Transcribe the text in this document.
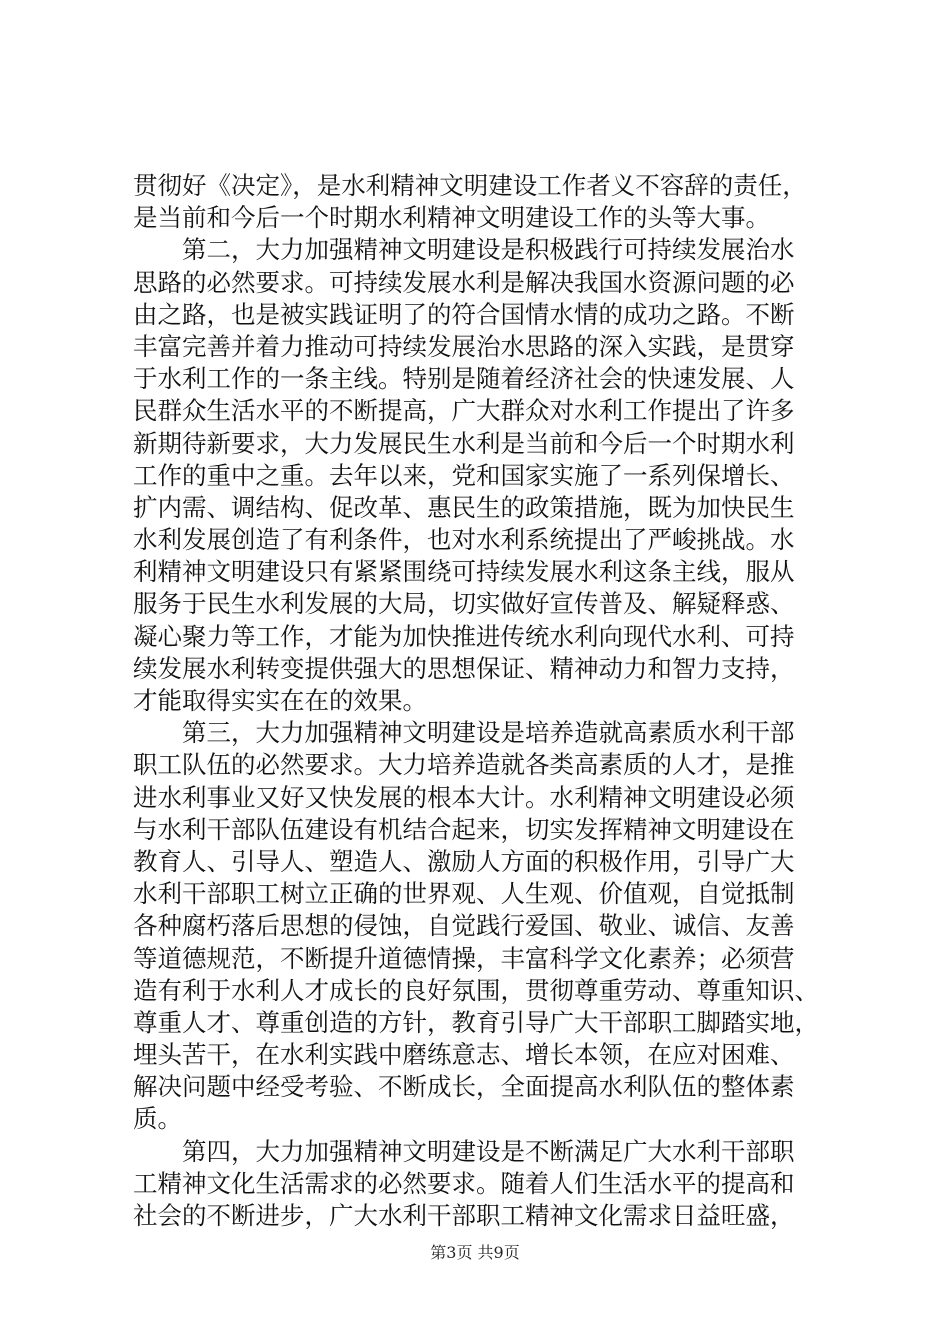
贯彻好《决定》，是水利精神文明建设工作者义不容辞的责任，
是当前和今后一个时期水利精神文明建设工作的头等大事。
　　第二，大力加强精神文明建设是积极践行可持续发展治水
思路的必然要求。可持续发展水利是解决我国水资源问题的必
由之路，也是被实践证明了的符合国情水情的成功之路。不断
丰富完善并着力推动可持续发展治水思路的深入实践，是贯穿
于水利工作的一条主线。特别是随着经济社会的快速发展、人
民群众生活水平的不断提高，广大群众对水利工作提出了许多
新期待新要求，大力发展民生水利是当前和今后一个时期水利
工作的重中之重。去年以来，党和国家实施了一系列保增长、
扩内需、调结构、促改革、惠民生的政策措施，既为加快民生
水利发展创造了有利条件，也对水利系统提出了严峻挑战。水
利精神文明建设只有紧紧围绕可持续发展水利这条主线，服从
服务于民生水利发展的大局，切实做好宣传普及、解疑释惑、
凝心聚力等工作，才能为加快推进传统水利向现代水利、可持
续发展水利转变提供强大的思想保证、精神动力和智力支持，
才能取得实实在在的效果。
　　第三，大力加强精神文明建设是培养造就高素质水利干部
职工队伍的必然要求。大力培养造就各类高素质的人才，是推
进水利事业又好又快发展的根本大计。水利精神文明建设必须
与水利干部队伍建设有机结合起来，切实发挥精神文明建设在
教育人、引导人、塑造人、激励人方面的积极作用，引导广大
水利干部职工树立正确的世界观、人生观、价值观，自觉抵制
各种腐朽落后思想的侵蚀，自觉践行爱国、敬业、诚信、友善
等道德规范，不断提升道德情操，丰富科学文化素养；必须营
造有利于水利人才成长的良好氛围，贯彻尊重劳动、尊重知识、
尊重人才、尊重创造的方针，教育引导广大干部职工脚踏实地，
埋头苦干，在水利实践中磨练意志、增长本领，在应对困难、
解决问题中经受考验、不断成长，全面提高水利队伍的整体素
质。
　　第四，大力加强精神文明建设是不断满足广大水利干部职
工精神文化生活需求的必然要求。随着人们生活水平的提高和
社会的不断进步，广大水利干部职工精神文化需求日益旺盛，
第3页 共9页
